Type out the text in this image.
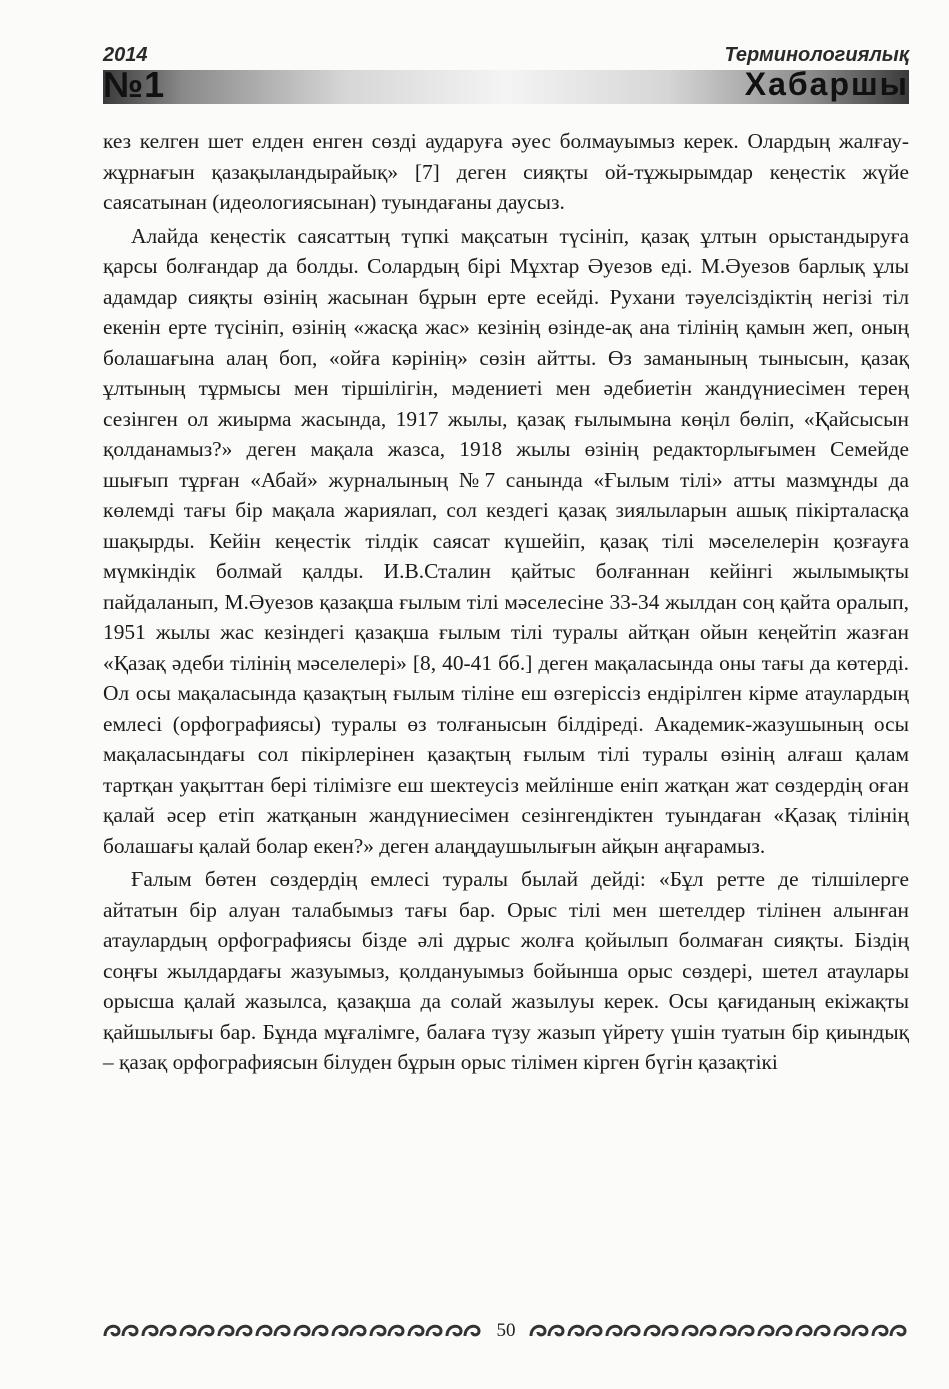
2014	Терминологиялық
№1	Хабаршы

кез келген шет елден енген сөзді аударуға әуес болмауымыз керек. Олардың жалғау-жұрнағын қазақыландырайық» [7] деген сияқты ой-тұжырымдар кеңестік жүйе саясатынан (идеологиясынан) туындағаны даусыз.

Алайда кеңестік саясаттың түпкі мақсатын түсініп, қазақ ұлтын орыстандыруға қарсы болғандар да болды. Солардың бірі Мұхтар Әуезов еді. М.Әуезов барлық ұлы адамдар сияқты өзінің жасынан бұрын ерте есейді. Рухани тәуелсіздіктің негізі тіл екенін ерте түсініп, өзінің «жасқа жас» кезінің өзінде-ақ ана тілінің қамын жеп, оның болашағына алаң боп, «ойға кәрінің» сөзін айтты. Өз заманының тынысын, қазақ ұлтының тұрмысы мен тіршілігін, мәдениеті мен әдебиетін жандүниесімен терең сезінген ол жиырма жасында, 1917 жылы, қазақ ғылымына көңіл бөліп, «Қайсысын қолданамыз?» деген мақала жазса, 1918 жылы өзінің редакторлығымен Семейде шығып тұрған «Абай» журналының №7 санында «Ғылым тілі» атты мазмұнды да көлемді тағы бір мақала жариялап, сол кездегі қазақ зиялыларын ашық пікірталасқа шақырды. Кейін кеңестік тілдік саясат күшейіп, қазақ тілі мәселелерін қозғауға мүмкіндік болмай қалды. И.В.Сталин қайтыс болғаннан кейінгі жылымықты пайдаланып, М.Әуезов қазақша ғылым тілі мәселесіне 33-34 жылдан соң қайта оралып, 1951 жылы жас кезіндегі қазақша ғылым тілі туралы айтқан ойын кеңейтіп жазған «Қазақ әдеби тілінің мәселелері» [8, 40-41 бб.] деген мақаласында оны тағы да көтерді. Ол осы мақаласында қазақтың ғылым тіліне еш өзгеріссіз ендірілген кірме атаулардың емлесі (орфографиясы) туралы өз толғанысын білдіреді. Академик-жазушының осы мақаласындағы сол пікірлерінен қазақтың ғылым тілі туралы өзінің алғаш қалам тартқан уақыттан бері тілімізге еш шектеусіз мейлінше еніп жатқан жат сөздердің оған қалай әсер етіп жатқанын жандүниесімен сезінгендіктен туындаған «Қазақ тілінің болашағы қалай болар екен?» деген алаңдаушылығын айқын аңғарамыз.

Ғалым бөтен сөздердің емлесі туралы былай дейді: «Бұл ретте де тілшілерге айтатын бір алуан талабымыз тағы бар. Орыс тілі мен шетелдер тілінен алынған атаулардың орфографиясы бізде әлі дұрыс жолға қойылып болмаған сияқты. Біздің соңғы жылдардағы жазуымыз, қолдануымыз бойынша орыс сөздері, шетел атаулары орысша қалай жазылса, қазақша да солай жазылуы керек. Осы қағиданың екіжақты қайшылығы бар. Бұнда мұғалімге, балаға түзу жазып үйрету үшін туатын бір қиындық – қазақ орфографиясын білуден бұрын орыс тілімен кірген бүгін қазақтікі

50
